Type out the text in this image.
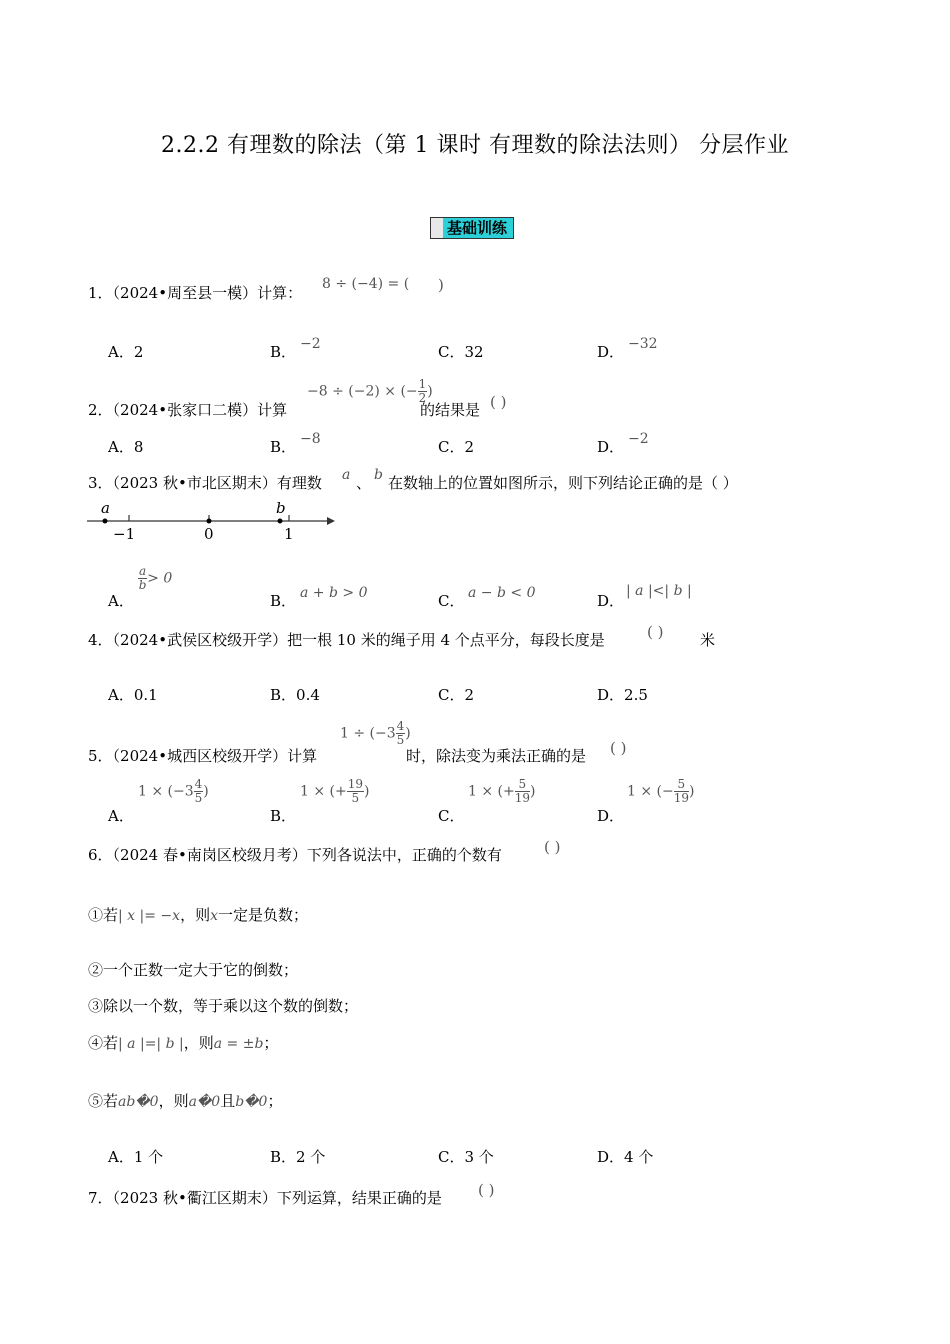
2.2.2 有理数的除法（第 1 课时 有理数的除法法则） 分层作业
基础训练
1．（2024•周至县一模）计算： 8 ÷ (−4) = ( )
A．2	B． −2	C．32	D． −32
2．（2024•张家口二模）计算
−8 ÷ (−2) × (− $\frac{1}{2}$ )
的结果是 ( )
A．8	B． −8	C．2	D． −2
3．（2023 秋•市北区期末）有理数 a 、 b 在数轴上的位置如图所示，则下列结论正确的是（ ）
a	b
−1	0	1
A．
$\frac{a}{b} > 0$
B． a + b > 0	C． a − b < 0	D．
| a |<| b |
4．（2024•武侯区校级开学）把一根 10 米的绳子用 4 个点平分，每段长度是	( ) 米
A．0.1	B．0.4	C．2	D．2.5
5．（2024•城西区校级开学）计算
$1 \div (-3 \frac{4}{5}$ )
时，除法变为乘法正确的是 ( )
A．
$1 \times (-3 \frac{4}{5}$ )
B．
1 × (+ $\frac{19}{5}$ )
C．
1 × (+ $\frac{5}{19}$ )
D．
1 × (− $\frac{5}{19}$ )
6．（2024 春•南岗区校级月考）下列各说法中，正确的个数有	( )
①若| x |= −x，则x一定是负数；
②一个正数一定大于它的倒数；
③除以一个数，等于乘以这个数的倒数；
④若| a |=| b |，则a = ±b；
⑤若ab�0，则a�0且b�0；
A．1 个	B．2 个	C．3 个	D．4 个
7．（2023 秋•衢江区期末）下列运算，结果正确的是 ( )
